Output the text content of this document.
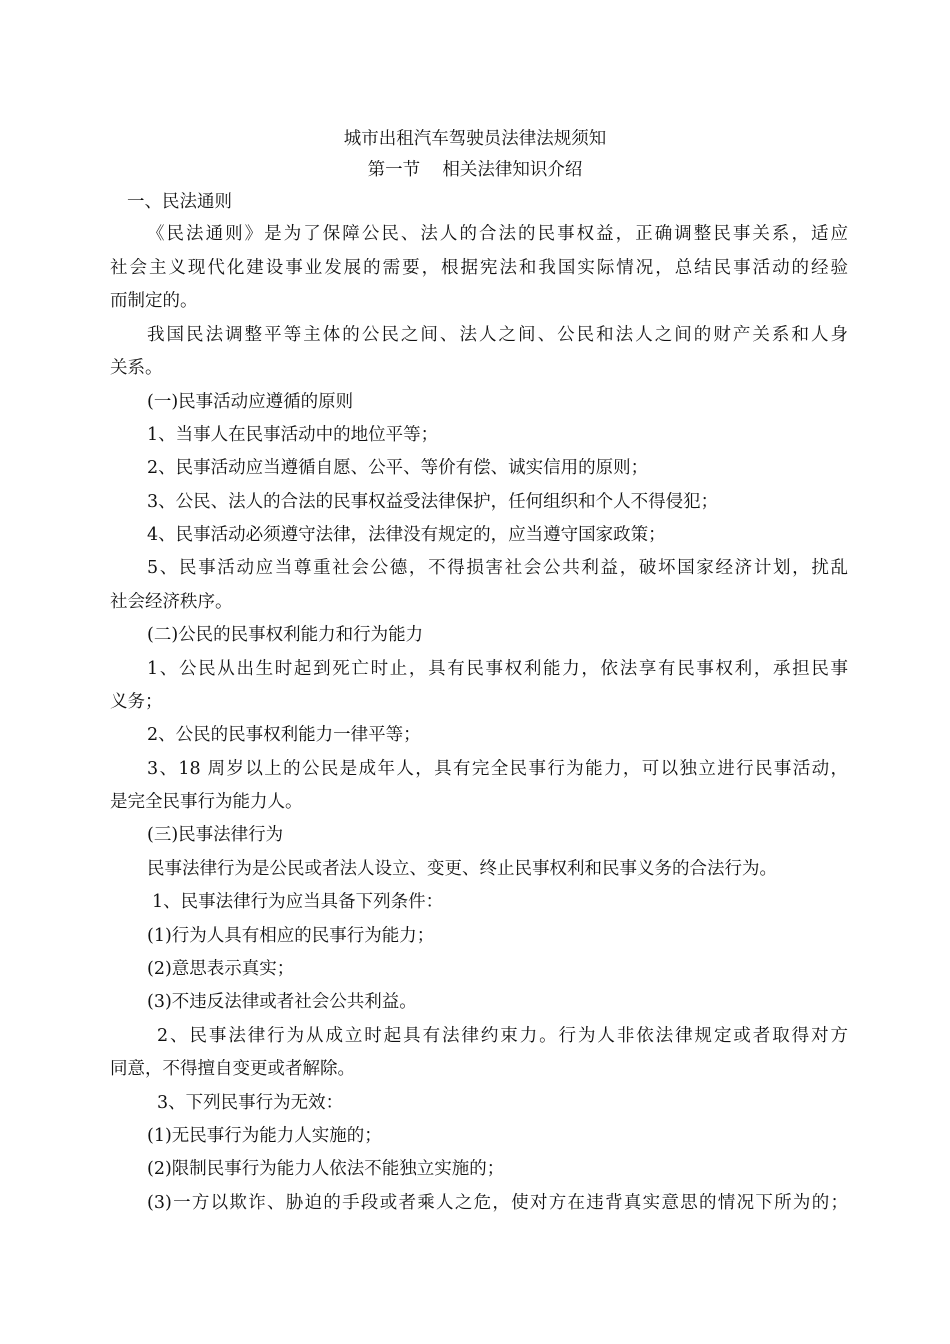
城市出租汽车驾驶员法律法规须知
第一节    相关法律知识介绍
一、民法通则
《民法通则》是为了保障公民、法人的合法的民事权益，正确调整民事关系，适应
社会主义现代化建设事业发展的需要，根据宪法和我国实际情况，总结民事活动的经验
而制定的。
我国民法调整平等主体的公民之间、法人之间、公民和法人之间的财产关系和人身
关系。
(一)民事活动应遵循的原则
1、当事人在民事活动中的地位平等；
2、民事活动应当遵循自愿、公平、等价有偿、诚实信用的原则；
3、公民、法人的合法的民事权益受法律保护，任何组织和个人不得侵犯；
4、民事活动必须遵守法律，法律没有规定的，应当遵守国家政策；
5、民事活动应当尊重社会公德，不得损害社会公共利益，破坏国家经济计划，扰乱
社会经济秩序。
(二)公民的民事权利能力和行为能力
1、公民从出生时起到死亡时止，具有民事权利能力，依法享有民事权利，承担民事
义务；
2、公民的民事权利能力一律平等；
3、18 周岁以上的公民是成年人，具有完全民事行为能力，可以独立进行民事活动，
是完全民事行为能力人。
(三)民事法律行为
民事法律行为是公民或者法人设立、变更、终止民事权利和民事义务的合法行为。
1、民事法律行为应当具备下列条件：
(1)行为人具有相应的民事行为能力；
(2)意思表示真实；
(3)不违反法律或者社会公共利益。
2、民事法律行为从成立时起具有法律约束力。行为人非依法律规定或者取得对方
同意，不得擅自变更或者解除。
3、下列民事行为无效：
(1)无民事行为能力人实施的；
(2)限制民事行为能力人依法不能独立实施的；
(3)一方以欺诈、胁迫的手段或者乘人之危，使对方在违背真实意思的情况下所为的；
